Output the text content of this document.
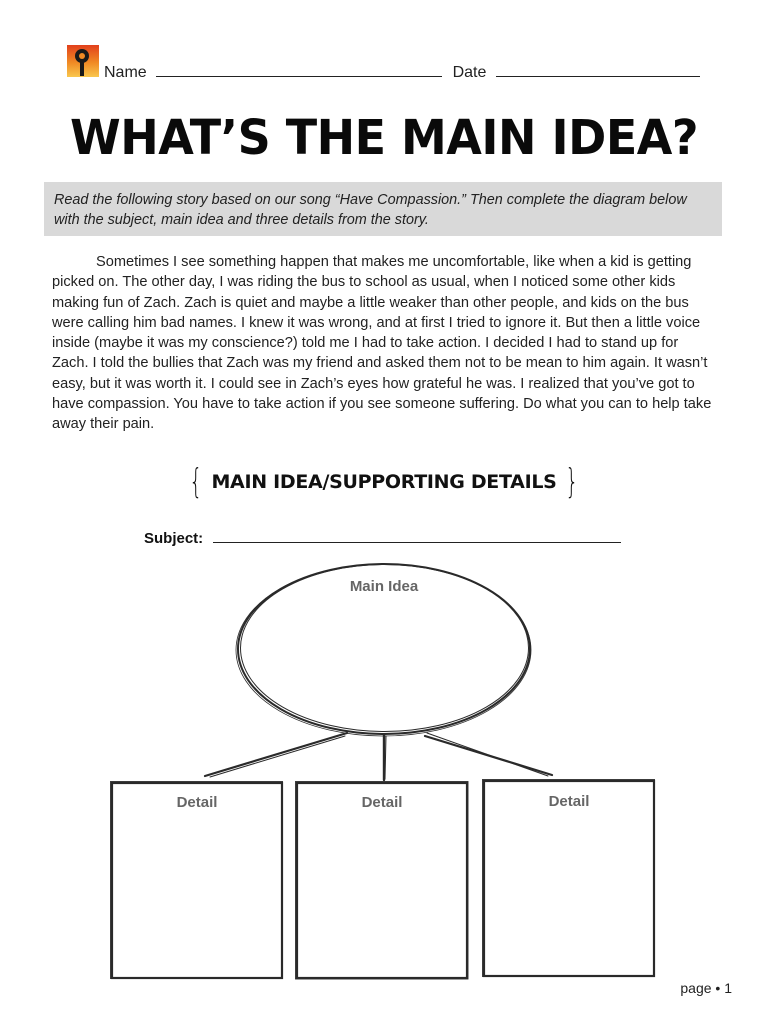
Name	Date
WHAT’S THE MAIN IDEA?
Read the following story based on our song “Have Compassion.” Then complete the diagram below with the subject, main idea and three details from the story.

Sometimes I see something happen that makes me uncomfortable, like when a kid is getting picked on. The other day, I was riding the bus to school as usual, when I noticed some other kids making fun of Zach. Zach is quiet and maybe a little weaker than other people, and kids on the bus were calling him bad names. I knew it was wrong, and at first I tried to ignore it. But then a little voice inside (maybe it was my conscience?) told me I had to take action. I decided I had to stand up for Zach. I told the bullies that Zach was my friend and asked them not to be mean to him again. It wasn’t easy, but it was worth it. I could see in Zach’s eyes how grateful he was. I realized that you’ve got to have compassion. You have to take action if you see someone suffering. Do what you can to help take away their pain.

{ MAIN IDEA/SUPPORTING DETAILS }
Subject:
Main Idea
Detail	Detail	Detail
page • 1
